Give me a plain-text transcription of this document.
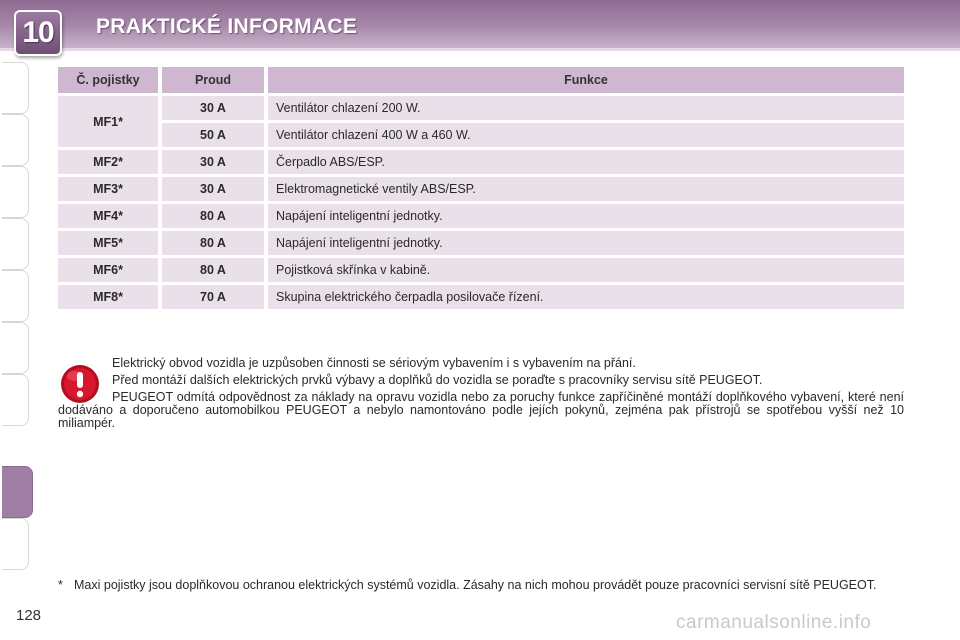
10	PRAKTICKÉ INFORMACE
Č. pojistky	Proud	Funkce
MF1*	30 A	Ventilátor chlazení 200 W.
	50 A	Ventilátor chlazení 400 W a 460 W.
MF2*	30 A	Čerpadlo ABS/ESP.
MF3*	30 A	Elektromagnetické ventily ABS/ESP.
MF4*	80 A	Napájení inteligentní jednotky.
MF5*	80 A	Napájení inteligentní jednotky.
MF6*	80 A	Pojistková skřínka v kabině.
MF8*	70 A	Skupina elektrického čerpadla posilovače řízení.

Elektrický obvod vozidla je uzpůsoben činnosti se sériovým vybavením i s vybavením na přání.

Před montáží dalších elektrických prvků výbavy a doplňků do vozidla se poraďte s pracovníky servisu sítě PEUGEOT.

PEUGEOT odmítá odpovědnost za náklady na opravu vozidla nebo za poruchy funkce zapříčiněné montáží doplňkového vybavení, které není dodáváno a doporučeno automobilkou PEUGEOT a nebylo namontováno podle jejích pokynů, zejména pak přístrojů se spotřebou vyšší než 10 miliampér.

* Maxi pojistky jsou doplňkovou ochranou elektrických systémů vozidla. Zásahy na nich mohou provádět pouze pracovníci servisní sítě PEUGEOT.
128	carmanualsonline.info
